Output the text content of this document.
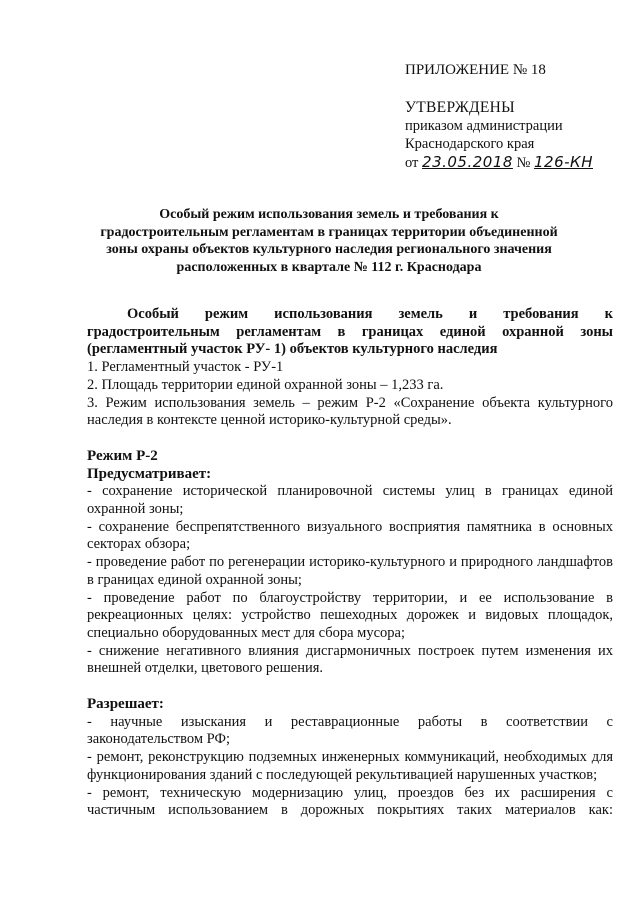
ПРИЛОЖЕНИЕ № 18
УТВЕРЖДЕНЫ
приказом администрации
Краснодарского края
от 23.05.2018 № 126-КН
Особый режим использования земель и требования к градостроительным регламентам в границах территории объединенной зоны охраны объектов культурного наследия регионального значения расположенных в квартале № 112 г. Краснодара

Особый режим использования земель и требования к градостроительным регламентам в границах единой охранной зоны (регламентный участок РУ- 1) объектов культурного наследия

1. Регламентный участок - РУ-1

2. Площадь территории единой охранной зоны – 1,233 га.

3. Режим использования земель – режим Р-2 «Сохранение объекта культурного наследия в контексте ценной историко-культурной среды».

Режим Р-2

Предусматривает:

- сохранение исторической планировочной системы улиц в границах единой охранной зоны;

- сохранение беспрепятственного визуального восприятия памятника в основных секторах обзора;

- проведение работ по регенерации историко-культурного и природного ландшафтов в границах единой охранной зоны;

- проведение работ по благоустройству территории, и ее использование в рекреационных целях: устройство пешеходных дорожек и видовых площадок, специально оборудованных мест для сбора мусора;

- снижение негативного влияния дисгармоничных построек путем изменения их внешней отделки, цветового решения.

Разрешает:

- научные изыскания и реставрационные работы в соответствии с законодательством РФ;

- ремонт, реконструкцию подземных инженерных коммуникаций, необходимых для функционирования зданий с последующей рекультивацией нарушенных участков;

- ремонт, техническую модернизацию улиц, проездов без их расширения с частичным использованием в дорожных покрытиях таких материалов как:
